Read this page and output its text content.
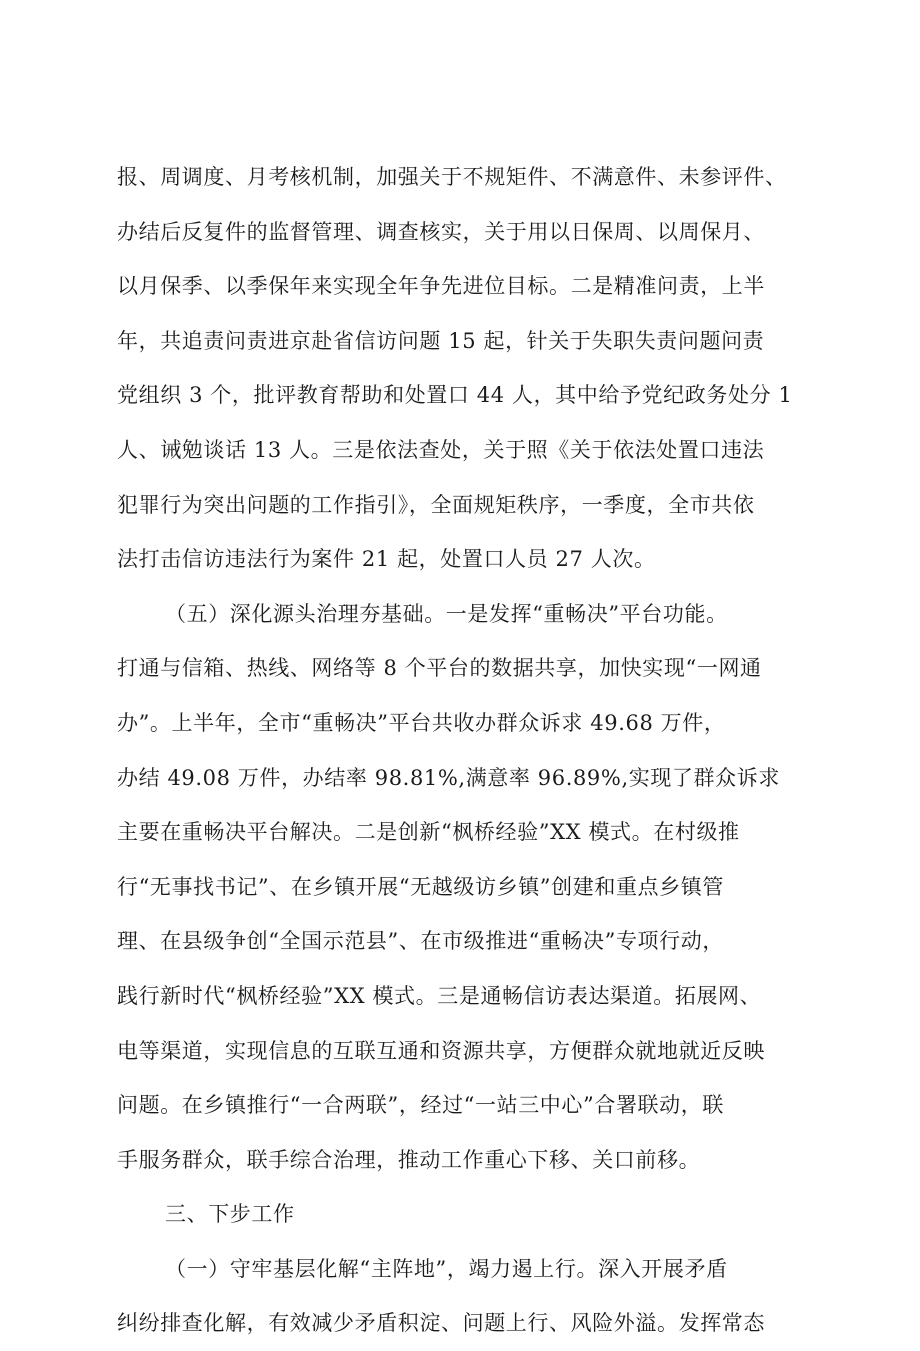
报、周调度、月考核机制，加强关于不规矩件、不满意件、未参评件、
办结后反复件的监督管理、调查核实，关于用以日保周、以周保月、
以月保季、以季保年来实现全年争先进位目标。二是精准问责，上半
年，共追责问责进京赴省信访问题 15 起，针关于失职失责问题问责
党组织 3 个，批评教育帮助和处置口 44 人，其中给予党纪政务处分 1
人、诫勉谈话 13 人。三是依法查处，关于照《关于依法处置口违法
犯罪行为突出问题的工作指引》，全面规矩秩序，一季度，全市共依
法打击信访违法行为案件 21 起，处置口人员 27 人次。
（五）深化源头治理夯基础。一是发挥“重畅决”平台功能。
打通与信箱、热线、网络等 8 个平台的数据共享，加快实现“一网通
办”。上半年，全市“重畅决”平台共收办群众诉求 49.68 万件，
办结 49.08 万件，办结率 98.81%,满意率 96.89%,实现了群众诉求
主要在重畅决平台解决。二是创新“枫桥经验”XX 模式。在村级推
行“无事找书记”、在乡镇开展“无越级访乡镇”创建和重点乡镇管
理、在县级争创“全国示范县”、在市级推进“重畅决”专项行动，
践行新时代“枫桥经验”XX 模式。三是通畅信访表达渠道。拓展网、
电等渠道，实现信息的互联互通和资源共享，方便群众就地就近反映
问题。在乡镇推行“一合两联”，经过“一站三中心”合署联动，联
手服务群众，联手综合治理，推动工作重心下移、关口前移。
三、下步工作
（一）守牢基层化解“主阵地”，竭力遏上行。深入开展矛盾
纠纷排查化解，有效减少矛盾积淀、问题上行、风险外溢。发挥常态
